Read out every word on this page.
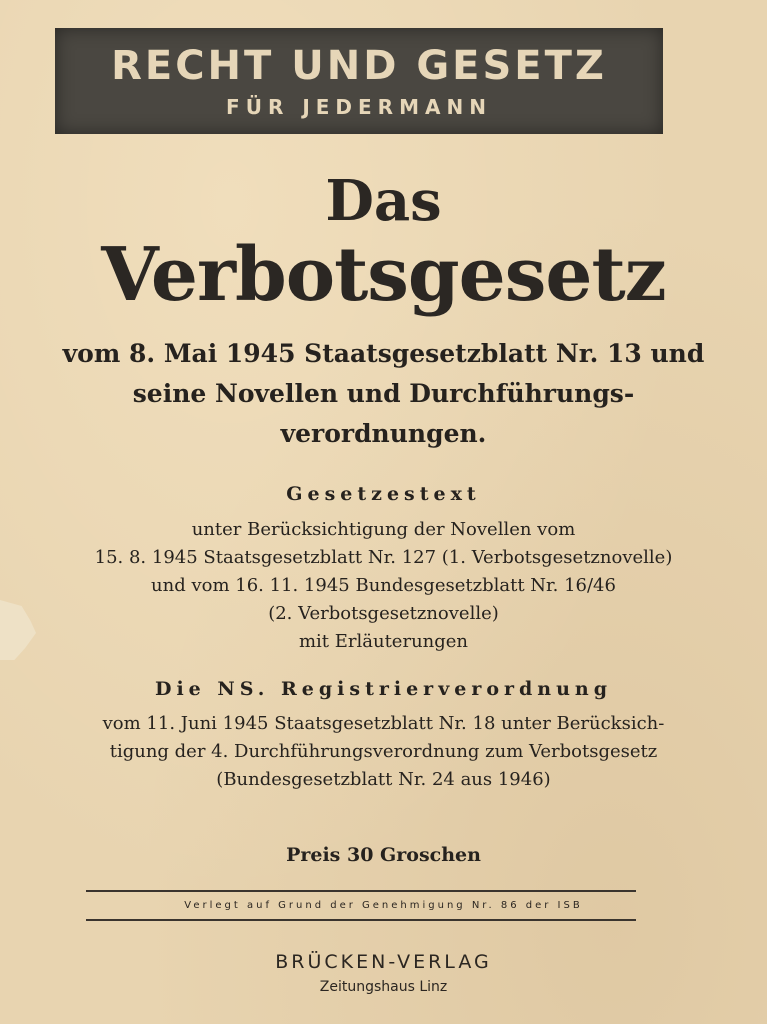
RECHT UND GESETZ
FÜR JEDERMANN
Das
Verbotsgesetz
vom 8. Mai 1945 Staatsgesetzblatt Nr. 13 und
seine Novellen und Durchführungs-
verordnungen.
Gesetzestext
unter Berücksichtigung der Novellen vom
15. 8. 1945 Staatsgesetzblatt Nr. 127 (1. Verbotsgesetznovelle)
und vom 16. 11. 1945 Bundesgesetzblatt Nr. 16/46
(2. Verbotsgesetznovelle)
mit Erläuterungen
Die NS. Registrierverordnung
vom 11. Juni 1945 Staatsgesetzblatt Nr. 18 unter Berücksich-
tigung der 4. Durchführungsverordnung zum Verbotsgesetz
(Bundesgesetzblatt Nr. 24 aus 1946)
Preis 30 Groschen
Verlegt auf Grund der Genehmigung Nr. 86 der ISB
BRÜCKEN-VERLAG
Zeitungshaus Linz
